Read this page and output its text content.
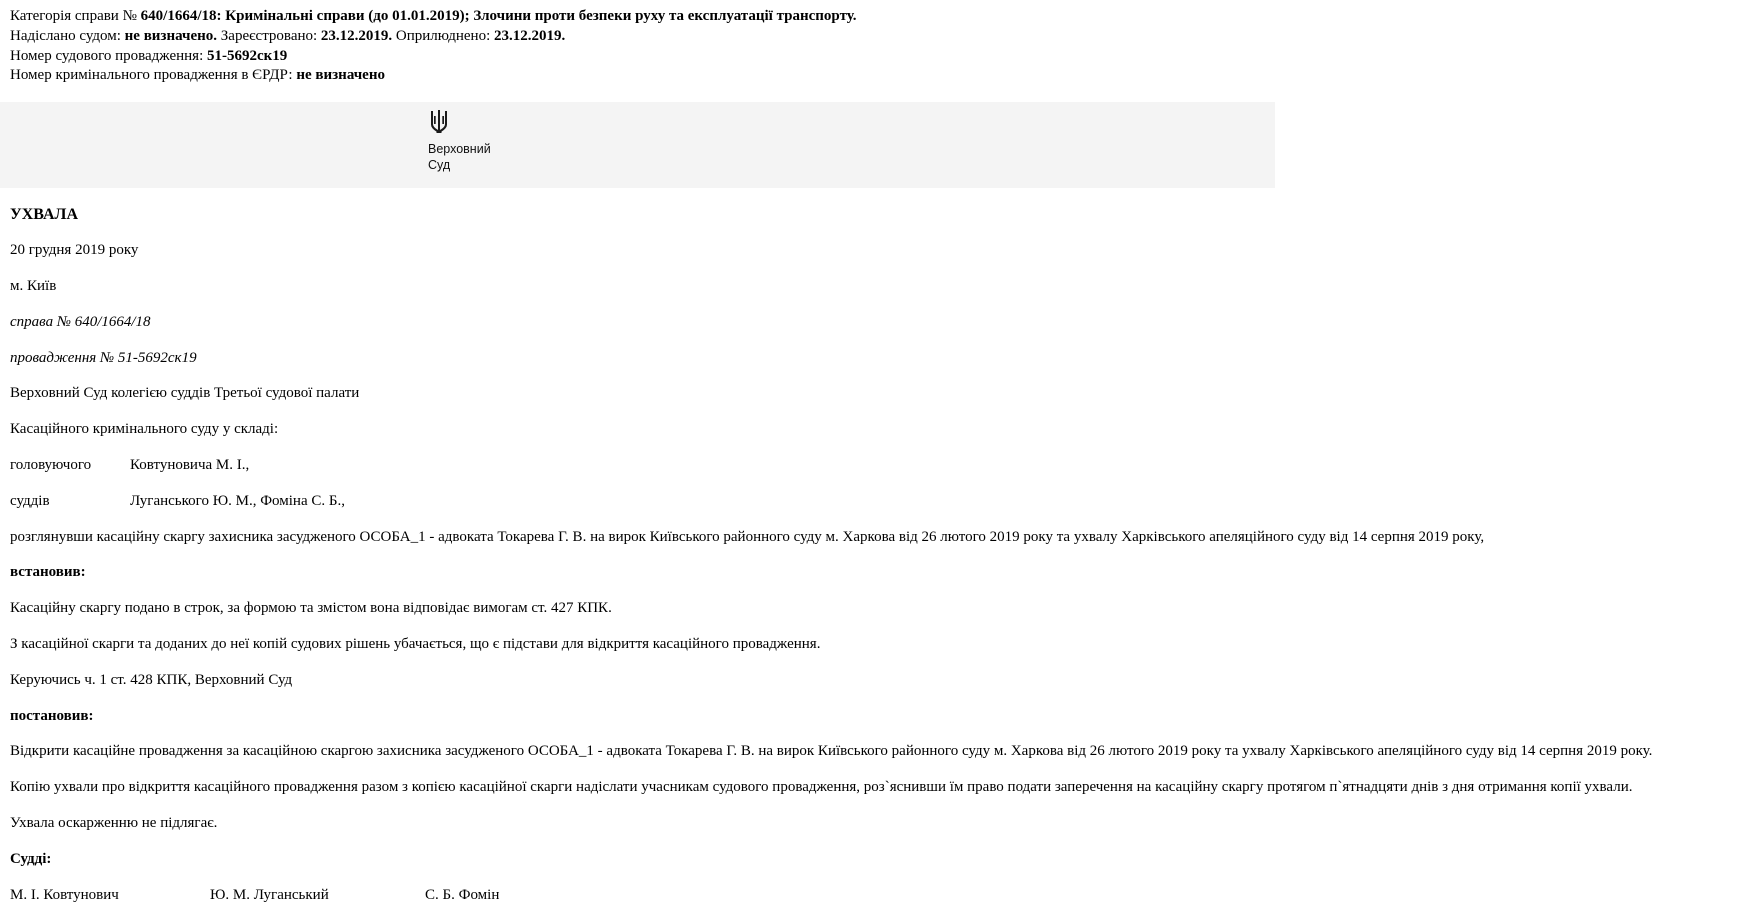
Категорія справи № 640/1664/18: Кримінальні справи (до 01.01.2019); Злочини проти безпеки руху та експлуатації транспорту.
Надіслано судом: не визначено. Зареєстровано: 23.12.2019. Оприлюднено: 23.12.2019.
Номер судового провадження: 51-5692ск19
Номер кримінального провадження в ЄРДР: не визначено
Верховний
Суд

УХВАЛА

20 грудня 2019 року

м. Київ

справа № 640/1664/18

провадження № 51-5692ск19

Верховний Суд колегією суддів Третьої судової палати

Касаційного кримінального суду у складі:

головуючого	Ковтуновича М. І.,

суддів	Луганського Ю. М., Фоміна С. Б.,

розглянувши касаційну скаргу захисника засудженого ОСОБА_1 - адвоката Токарева Г. В. на вирок Київського районного суду м. Харкова від 26 лютого 2019 року та ухвалу Харківського апеляційного суду від 14 серпня 2019 року,

встановив:

Касаційну скаргу подано в строк, за формою та змістом вона відповідає вимогам ст. 427 КПК.

З касаційної скарги та доданих до неї копій судових рішень убачається, що є підстави для відкриття касаційного провадження.

Керуючись ч. 1 ст. 428 КПК, Верховний Суд

постановив:

Відкрити касаційне провадження за касаційною скаргою захисника засудженого ОСОБА_1 - адвоката Токарева Г. В. на вирок Київського районного суду м. Харкова від 26 лютого 2019 року та ухвалу Харківського апеляційного суду від 14 серпня 2019 року.

Копію ухвали про відкриття касаційного провадження разом з копією касаційної скарги надіслати учасникам судового провадження, роз`яснивши їм право подати заперечення на касаційну скаргу протягом п`ятнадцяти днів з дня отримання копії ухвали.

Ухвала оскарженню не підлягає.

Судді:

М. І. Ковтунович	Ю. М. Луганський	С. Б. Фомін
